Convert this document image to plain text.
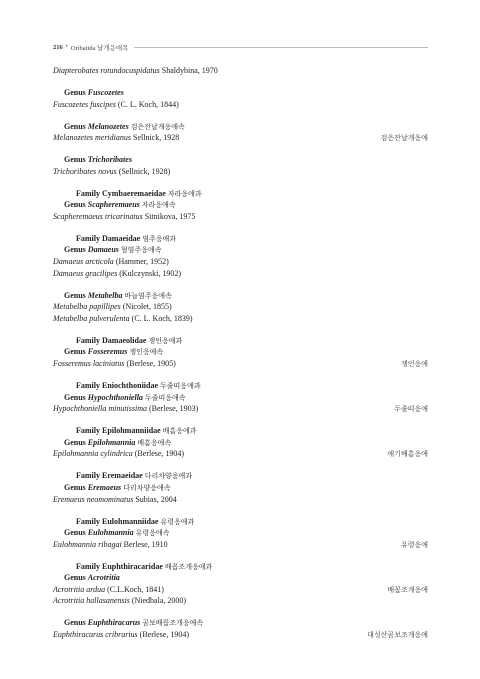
216 • Oribatida 날개응애목
Diapterobates rotundocuspidatus Shaldybina, 1970
Genus Fuscozetes
Fuscozetes fuscipes (C. L. Koch, 1844)
Genus Melanozetes 검은잔날개응애속
Melanozetes meridianus Sellnick, 1928	검은잔날개응애
Genus Trichoribates
Trichoribates novus (Sellnick, 1928)
Family Cymbaeremaeidae 자라응애과
Genus Scapheremaeus 자라응애속
Scapheremaeus tricarinatus Sitnikova, 1975
Family Damaeidae 염주응애과
Genus Damaeus 혈염주응애속
Damaeus arcticola (Hammer, 1952)
Damaeus gracilipes (Kulczynski, 1902)
Genus Metabelba 바늘염주응애속
Metabelba papillipes (Nicolet, 1855)
Metabelba pulverulenta (C. L. Koch, 1839)
Family Damaeolidae 쟁인응애과
Genus Fosseremus 쟁인응애속
Fosseremus laciniatus (Berlese, 1905)	쟁인응애
Family Eniochthoniidae 두줄띠응애과
Genus Hypochthoniella 두줄띠응애속
Hypochthoniella minutissima (Berlese, 1903)	두줄띠응애
Family Epilohmanniidae 배흠응애과
Genus Epilohmannia 배흠응애속
Epilohmannia cylindrica (Berlese, 1904)	애기배흠응애
Family Eremaeidae 다리차양응애과
Genus Eremaeus 다리차양응애속
Eremaeus neomominatus Subias, 2004
Family Eulohmanniidae 유령응애과
Genus Eulohmannia 유령응애속
Eulohmannia ribagai Berlese, 1910	유령응애
Family Euphthiracaridae 배꼽조개응애과
Genus Acrotritia
Acrotritia ardua (C.L.Koch, 1841)	배꼽조개응애
Acrotritia hallasanensis (Niedbala, 2000)
Genus Euphthiracarus 곰보배꼽조개응애속
Euphthiracarus cribrarius (Berlese, 1904)	대성산곰보조개응애
